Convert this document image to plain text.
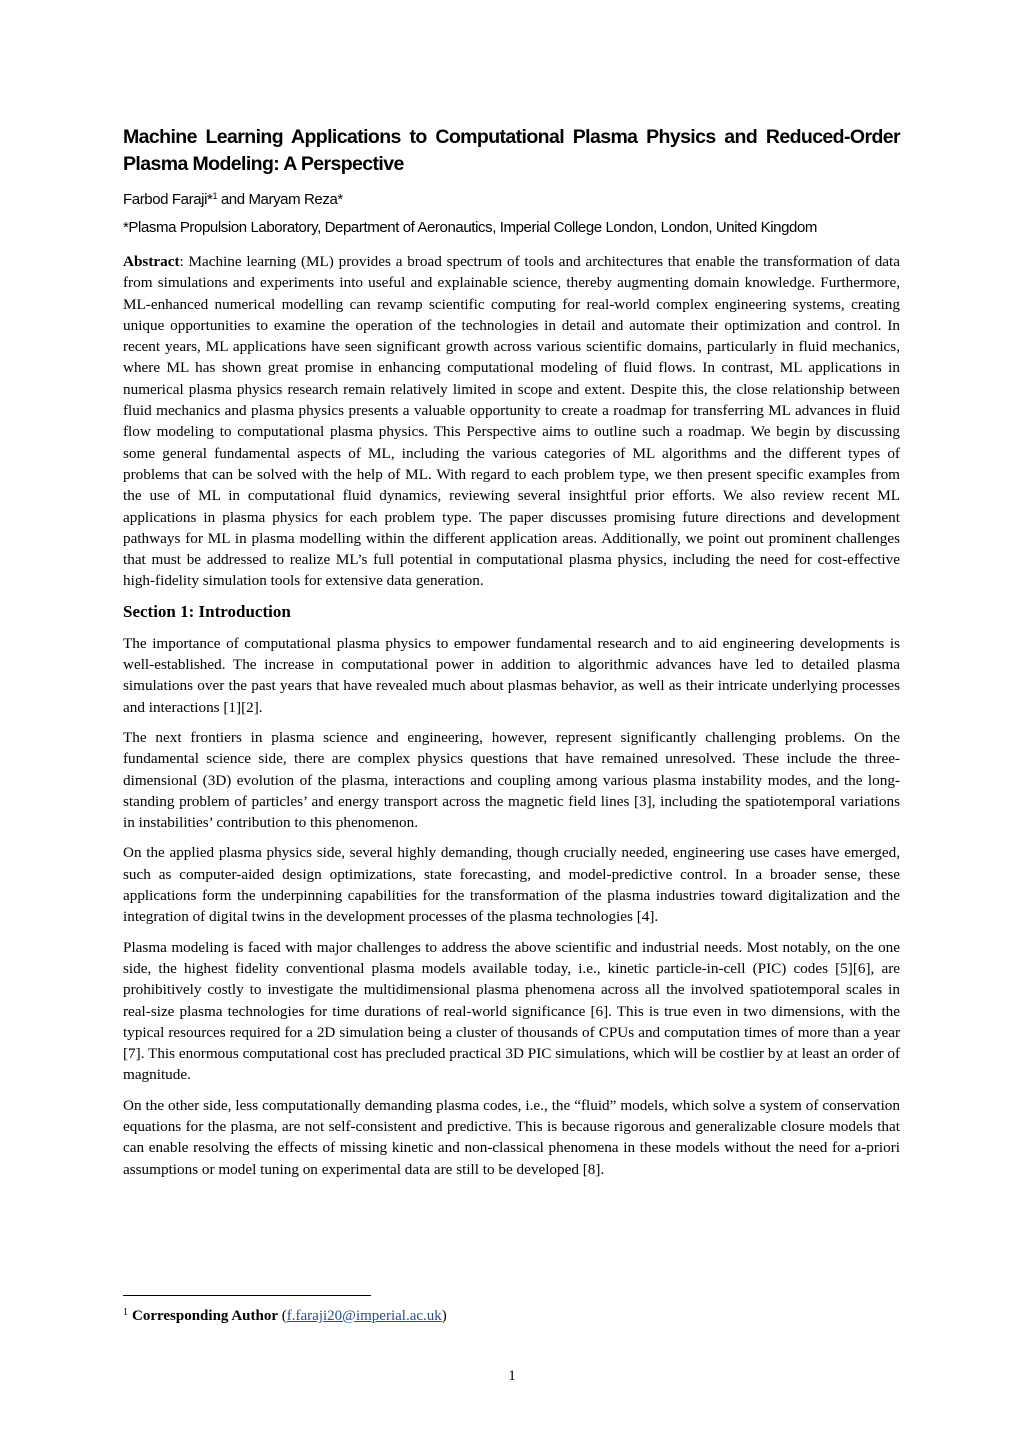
Machine Learning Applications to Computational Plasma Physics and Reduced-Order Plasma Modeling: A Perspective
Farbod Faraji*$^1$ and Maryam Reza*
*Plasma Propulsion Laboratory, Department of Aeronautics, Imperial College London, London, United Kingdom

Abstract: Machine learning (ML) provides a broad spectrum of tools and architectures that enable the transformation of data from simulations and experiments into useful and explainable science, thereby augmenting domain knowledge. Furthermore, ML-enhanced numerical modelling can revamp scientific computing for real-world complex engineering systems, creating unique opportunities to examine the operation of the technologies in detail and automate their optimization and control. In recent years, ML applications have seen significant growth across various scientific domains, particularly in fluid mechanics, where ML has shown great promise in enhancing computational modeling of fluid flows. In contrast, ML applications in numerical plasma physics research remain relatively limited in scope and extent. Despite this, the close relationship between fluid mechanics and plasma physics presents a valuable opportunity to create a roadmap for transferring ML advances in fluid flow modeling to computational plasma physics. This Perspective aims to outline such a roadmap. We begin by discussing some general fundamental aspects of ML, including the various categories of ML algorithms and the different types of problems that can be solved with the help of ML. With regard to each problem type, we then present specific examples from the use of ML in computational fluid dynamics, reviewing several insightful prior efforts. We also review recent ML applications in plasma physics for each problem type. The paper discusses promising future directions and development pathways for ML in plasma modelling within the different application areas. Additionally, we point out prominent challenges that must be addressed to realize ML’s full potential in computational plasma physics, including the need for cost-effective high-fidelity simulation tools for extensive data generation.

Section 1: Introduction

The importance of computational plasma physics to empower fundamental research and to aid engineering developments is well-established. The increase in computational power in addition to algorithmic advances have led to detailed plasma simulations over the past years that have revealed much about plasmas behavior, as well as their intricate underlying processes and interactions [1][2].

The next frontiers in plasma science and engineering, however, represent significantly challenging problems. On the fundamental science side, there are complex physics questions that have remained unresolved. These include the three-dimensional (3D) evolution of the plasma, interactions and coupling among various plasma instability modes, and the long-standing problem of particles’ and energy transport across the magnetic field lines [3], including the spatiotemporal variations in instabilities’ contribution to this phenomenon.

On the applied plasma physics side, several highly demanding, though crucially needed, engineering use cases have emerged, such as computer-aided design optimizations, state forecasting, and model-predictive control. In a broader sense, these applications form the underpinning capabilities for the transformation of the plasma industries toward digitalization and the integration of digital twins in the development processes of the plasma technologies [4].

Plasma modeling is faced with major challenges to address the above scientific and industrial needs. Most notably, on the one side, the highest fidelity conventional plasma models available today, i.e., kinetic particle-in-cell (PIC) codes [5][6], are prohibitively costly to investigate the multidimensional plasma phenomena across all the involved spatiotemporal scales in real-size plasma technologies for time durations of real-world significance [6]. This is true even in two dimensions, with the typical resources required for a 2D simulation being a cluster of thousands of CPUs and computation times of more than a year [7]. This enormous computational cost has precluded practical 3D PIC simulations, which will be costlier by at least an order of magnitude.

On the other side, less computationally demanding plasma codes, i.e., the “fluid” models, which solve a system of conservation equations for the plasma, are not self-consistent and predictive. This is because rigorous and generalizable closure models that can enable resolving the effects of missing kinetic and non-classical phenomena in these models without the need for a-priori assumptions or model tuning on experimental data are still to be developed [8].

$^1$ Corresponding Author (f.faraji20@imperial.ac.uk)
1
